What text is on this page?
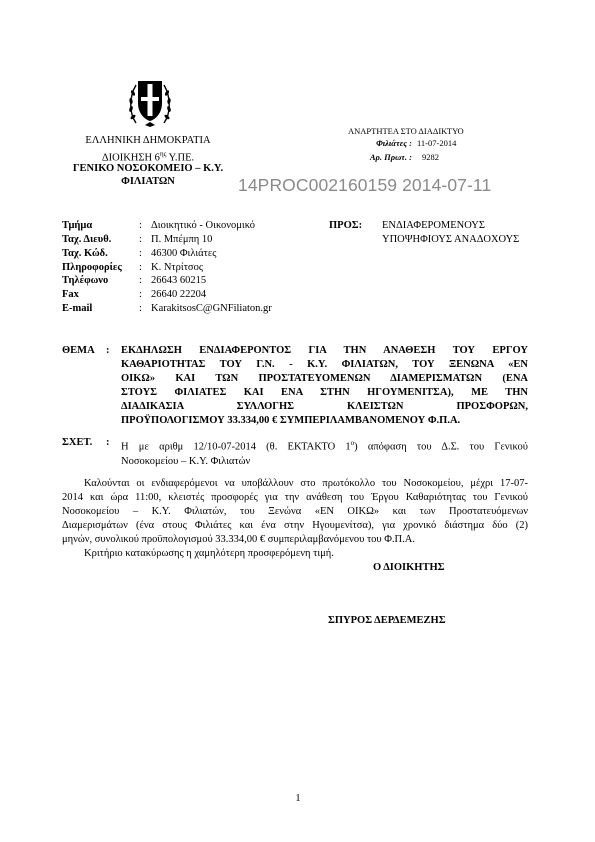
ΕΛΛΗΝΙΚΗ ΔΗΜΟΚΡΑΤΙΑ
ΔΙΟΙΚΗΣΗ $6^{\eta\varsigma}$ Υ.ΠΕ.
ΓΕΝΙΚΟ ΝΟΣΟΚΟΜΕΙΟ – Κ.Υ.
ΦΙΛΙΑΤΩΝ
ΑΝΑΡΤΗΤΕΑ ΣΤΟ ΔΙΑΔΙΚΤΥΟ
Φιλιάτες : 11-07-2014
Αρ. Πρωτ. : 9282
14PROC002160159 2014-07-11
Τμήμα	: Διοικητικό - Οικονομικό
Ταχ. Διευθ.	: Π. Μπέμπη 10
Ταχ. Κώδ.	: 46300 Φιλιάτες
Πληροφορίες : Κ. Ντρίτσος
Τηλέφωνο	: 26643 60215
Fax	: 26640 22204
E-mail	: KarakitsosC@GNFiliaton.gr
ΠΡΟΣ: ΕΝΔΙΑΦΕΡΟΜΕΝΟΥΣ
ΥΠΟΨΗΦΙΟΥΣ ΑΝΑΔΟΧΟΥΣ
ΘΕΜΑ : ΕΚΔΗΛΩΣΗ ΕΝΔΙΑΦΕΡΟΝΤΟΣ ΓΙΑ ΤΗΝ ΑΝΑΘΕΣΗ ΤΟΥ ΕΡΓΟΥ
ΚΑΘΑΡΙΟΤΗΤΑΣ ΤΟΥ Γ.Ν. - Κ.Υ. ΦΙΛΙΑΤΩΝ, ΤΟΥ ΞΕΝΩΝΑ «ΕΝ
ΟΙΚΩ» ΚΑΙ ΤΩΝ ΠΡΟΣΤΑΤΕΥΟΜΕΝΩΝ ΔΙΑΜΕΡΙΣΜΑΤΩΝ (ΕΝΑ
ΣΤΟΥΣ ΦΙΛΙΑΤΕΣ ΚΑΙ ΕΝΑ ΣΤΗΝ ΗΓΟΥΜΕΝΙΤΣΑ), ΜΕ ΤΗΝ
ΔΙΑΔΙΚΑΣΙΑ ΣΥΛΛΟΓΗΣ ΚΛΕΙΣΤΩΝ ΠΡΟΣΦΟΡΩΝ,
ΠΡΟΫΠΟΛΟΓΙΣΜΟΥ 33.334,00 € ΣΥΜΠΕΡΙΛΑΜΒΑΝΟΜΕΝΟΥ Φ.Π.Α.
ΣΧΕΤ. : Η με αριθμ 12/10-07-2014 (θ. ΕΚΤΑΚΤΟ $1^o$) απόφαση του Δ.Σ. του Γενικού
Νοσοκομείου – Κ.Υ. Φιλιατών
Καλούνται οι ενδιαφερόμενοι να υποβάλλουν στο πρωτόκολλο του Νοσοκομείου, μέχρι 17-07-
2014 και ώρα 11:00, κλειστές προσφορές για την ανάθεση του Έργου Καθαριότητας του Γενικού
Νοσοκομείου – Κ.Υ. Φιλιατών, του Ξενώνα «ΕΝ ΟΙΚΩ» και των Προστατευόμενων
Διαμερισμάτων (ένα στους Φιλιάτες και ένα στην Ηγουμενίτσα), για χρονικό διάστημα δύο (2)
μηνών, συνολικού προϋπολογισμού 33.334,00 € συμπεριλαμβανόμενου του Φ.Π.Α.
Κριτήριο κατακύρωσης η χαμηλότερη προσφερόμενη τιμή.
Ο ΔΙΟΙΚΗΤΗΣ
ΣΠΥΡΟΣ ΔΕΡΔΕΜΕΖΗΣ
1
